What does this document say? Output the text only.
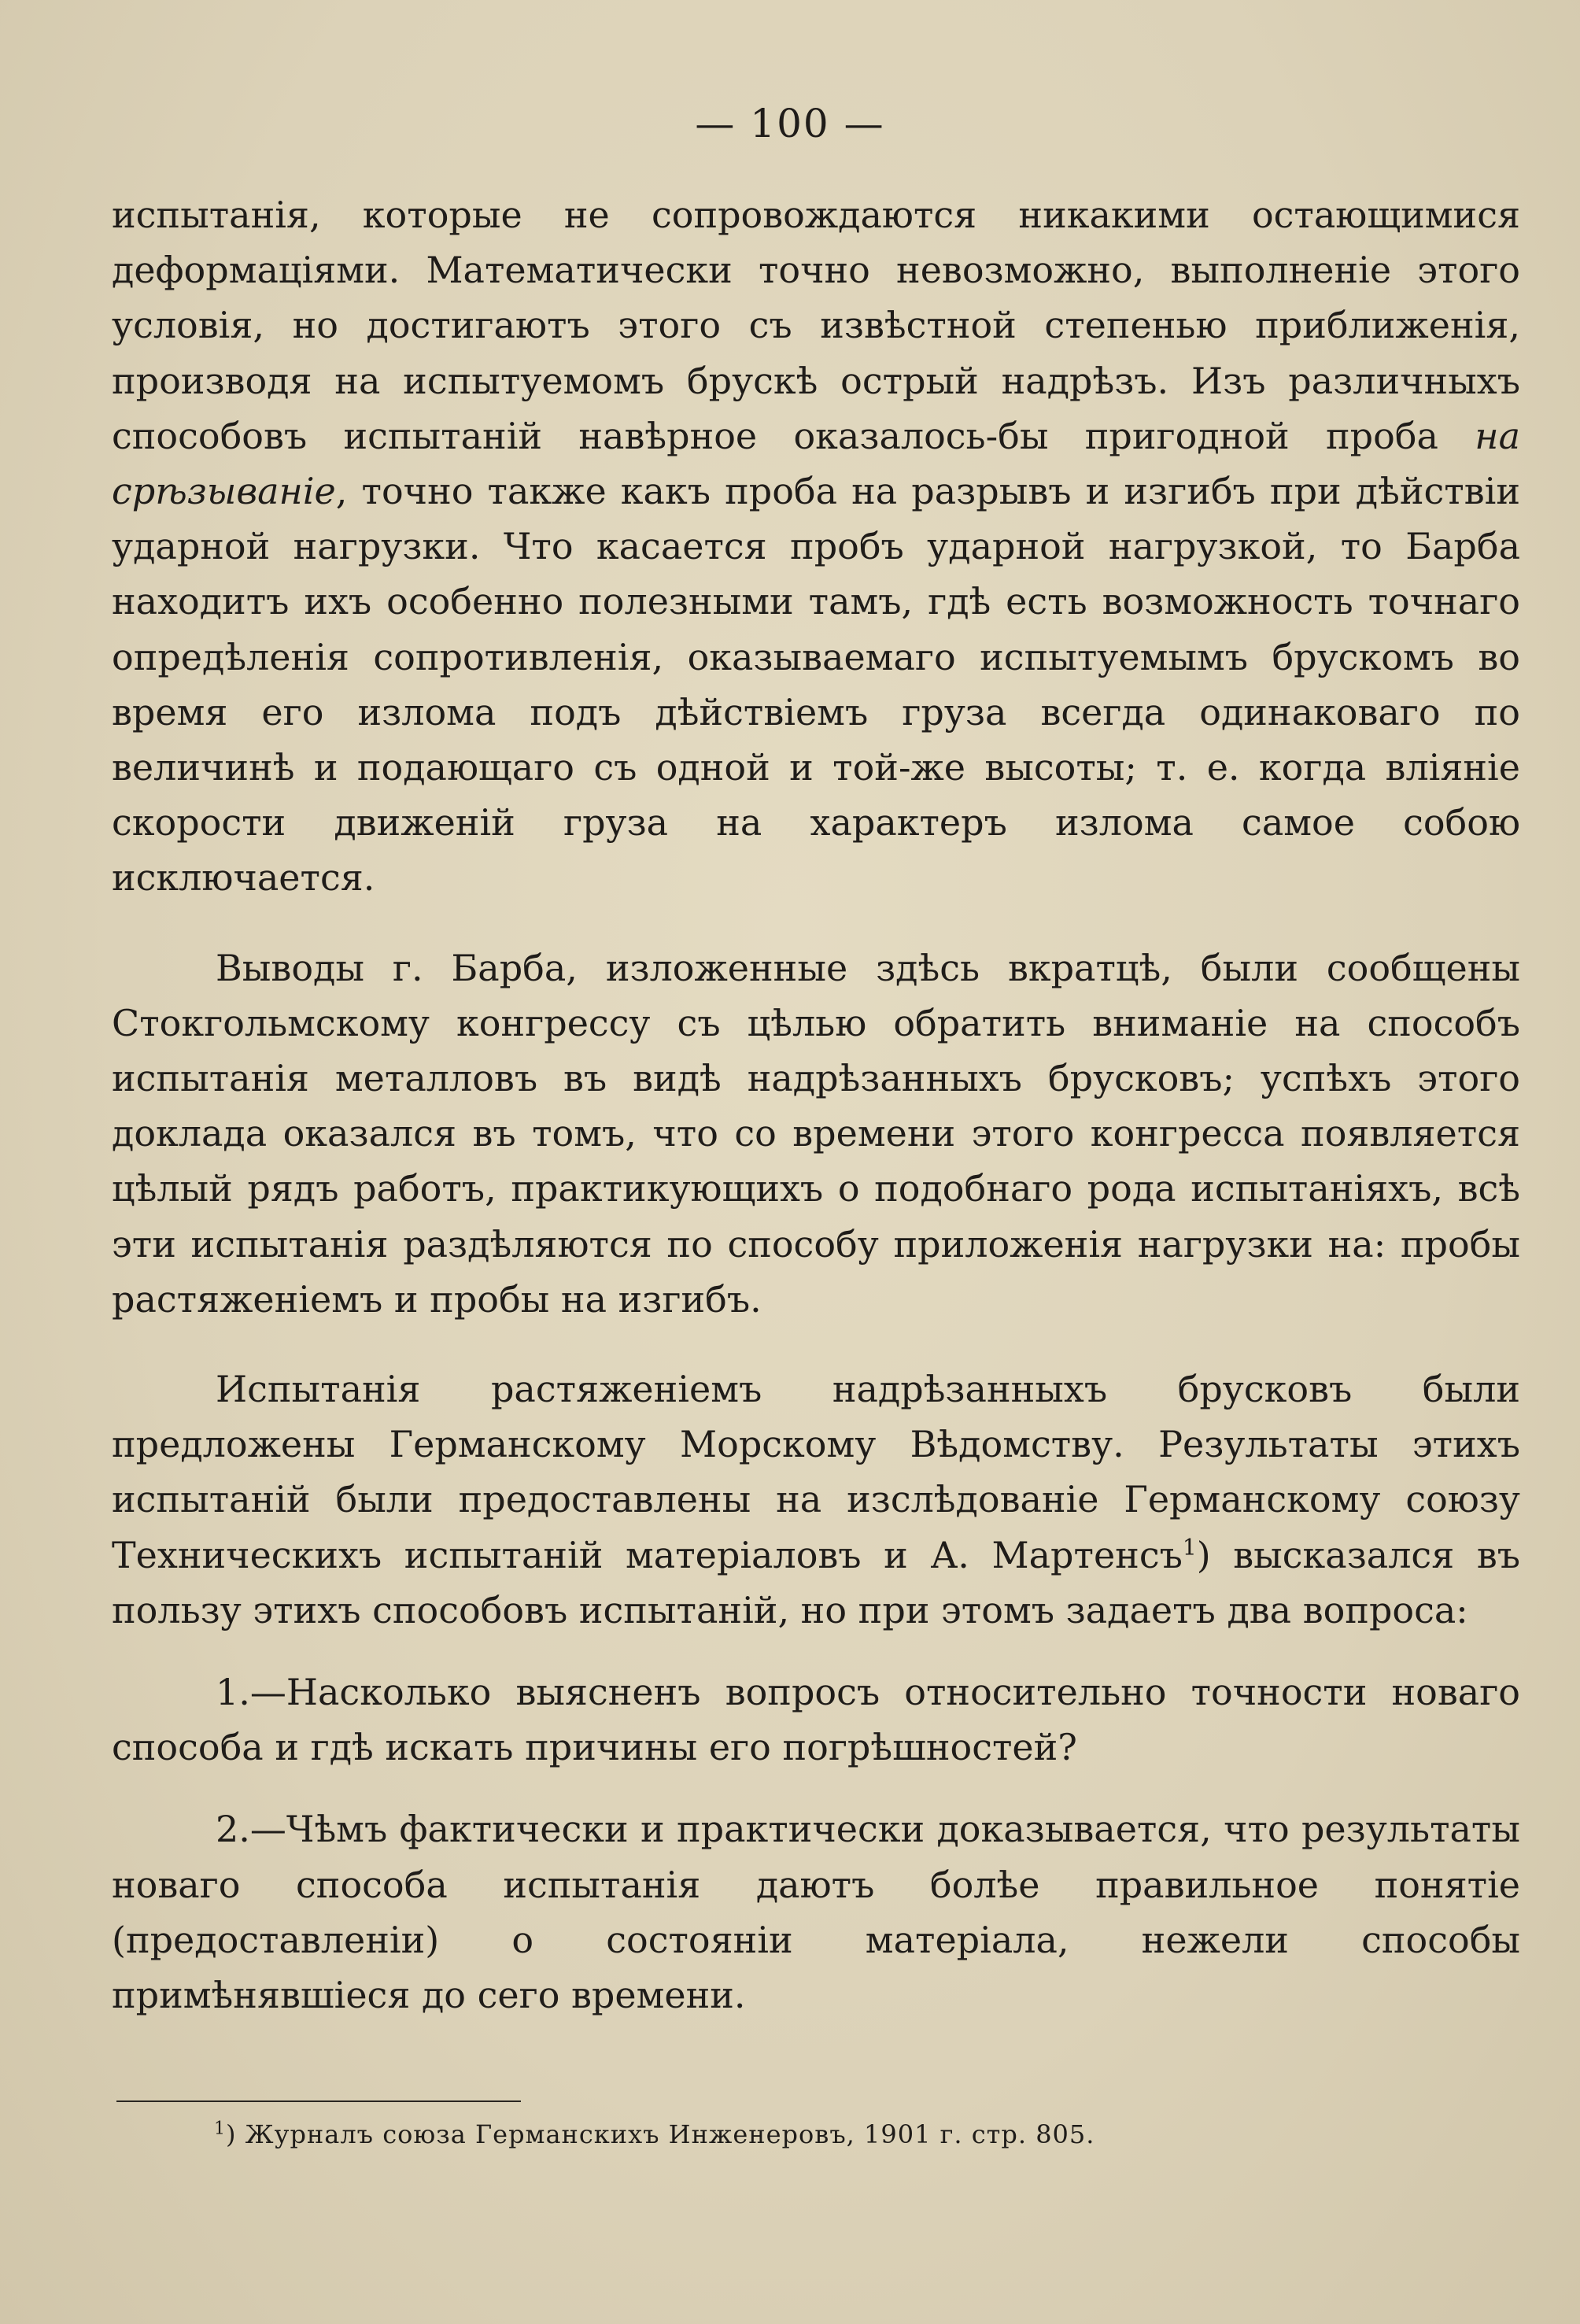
— 100 —

испытанія, которые не сопровождаются никакими остающимися деформаціями. Математически точно невозможно, выполненіе этого условія, но достигаютъ этого съ извѣстной степенью приближенія, производя на испытуемомъ брускѣ острый надрѣзъ. Изъ различныхъ способовъ испытаній навѣрное оказалось-бы пригодной проба на срѣзываніе, точно также какъ проба на разрывъ и изгибъ при дѣйствіи ударной нагрузки. Что касается пробъ ударной нагрузкой, то Барба находитъ ихъ особенно полезными тамъ, гдѣ есть возможность точнаго опредѣленія сопротивленія, оказываемаго испытуемымъ брускомъ во время его излома подъ дѣйствіемъ груза всегда одинаковаго по величинѣ и подающаго съ одной и той-же высоты; т. е. когда вліяніе скорости движеній груза на характеръ излома самое собою исключается.

Выводы г. Барба, изложенные здѣсь вкратцѣ, были сообщены Стокгольмскому конгрессу съ цѣлью обратить вниманіе на способъ испытанія металловъ въ видѣ надрѣзанныхъ брусковъ; успѣхъ этого доклада оказался въ томъ, что со времени этого конгресса появляется цѣлый рядъ работъ, практикующихъ о подобнаго рода испытаніяхъ, всѣ эти испытанія раздѣляются по способу приложенія нагрузки на: пробы растяженіемъ и пробы на изгибъ.

Испытанія растяженіемъ надрѣзанныхъ брусковъ были предложены Германскому Морскому Вѣдомству. Результаты этихъ испытаній были предоставлены на изслѣдованіе Германскому союзу Техническихъ испытаній матеріаловъ и А. Мартенсъ$^1$) высказался въ пользу этихъ способовъ испытаній, но при этомъ задаетъ два вопроса:

1.—Насколько выясненъ вопросъ относительно точности новаго способа и гдѣ искать причины его погрѣшностей?

2.—Чѣмъ фактически и практически доказывается, что результаты новаго способа испытанія даютъ болѣе правильное понятіе (предоставленіи) о состояніи матеріала, нежели способы примѣнявшіеся до сего времени.

$^1$) Журналъ союза Германскихъ Инженеровъ, 1901 г. стр. 805.
